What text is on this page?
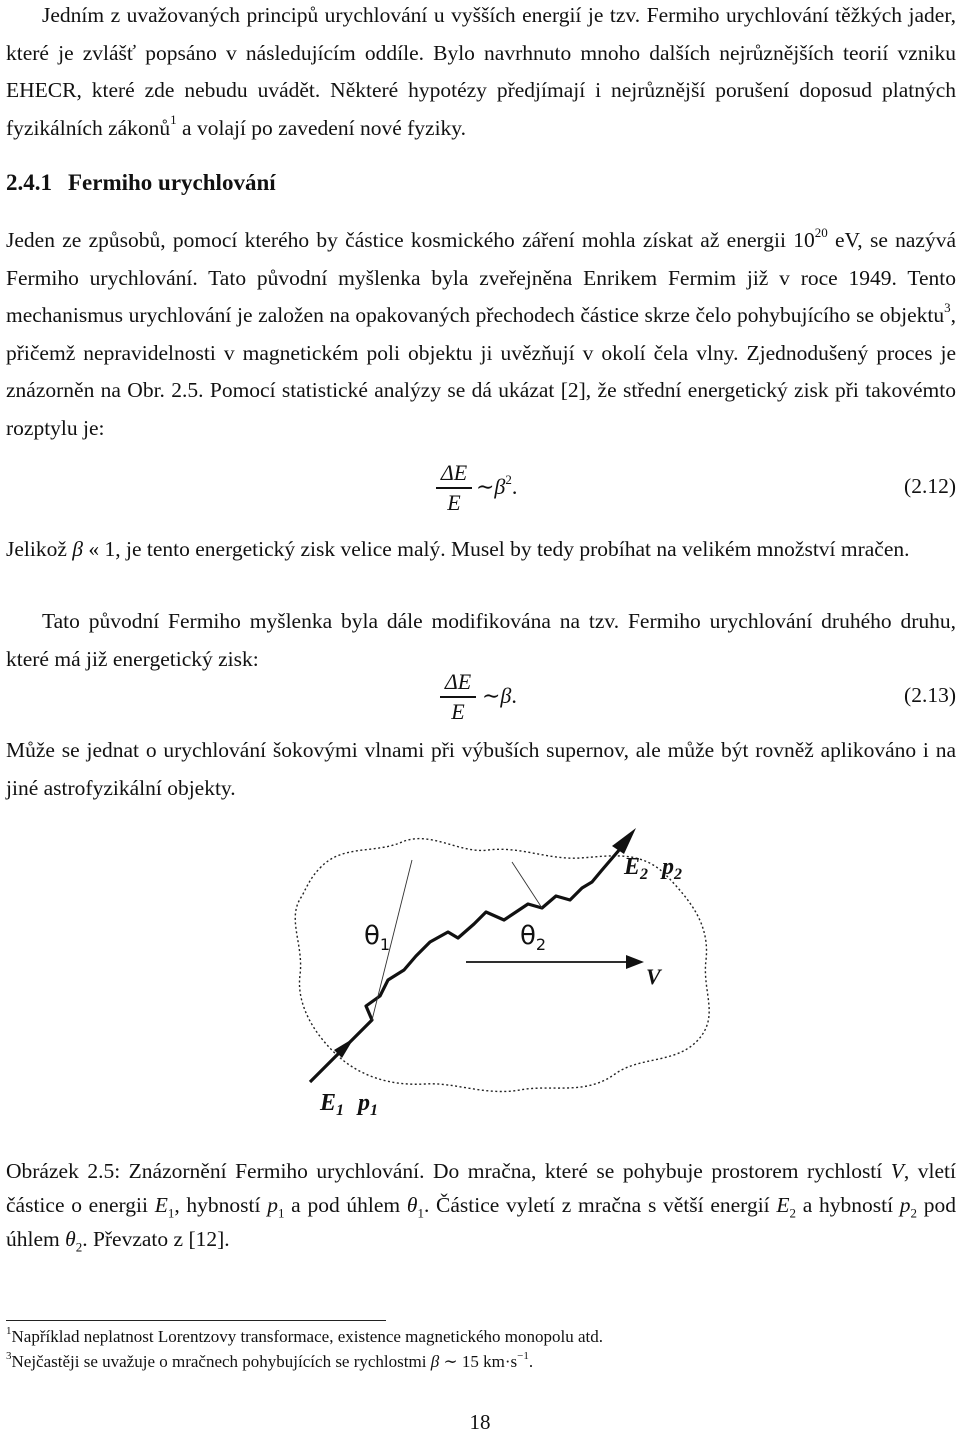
Jedním z uvažovaných principů urychlování u vyšších energií je tzv. Fermiho urychlování těžkých jader, které je zvlášť popsáno v následujícím oddíle. Bylo navrhnuto mnoho dalších nejrůznějších teorií vzniku EHECR, které zde nebudu uvádět. Některé hypotézy předjímají i nejrůznější porušení doposud platných fyzikálních zákonů$^1$ a volají po zavedení nové fyziky.

2.4.1 Fermiho urychlování

Jeden ze způsobů, pomocí kterého by částice kosmického záření mohla získat až energii $10^{20}$ eV, se nazývá Fermiho urychlování. Tato původní myšlenka byla zveřejněna Enrikem Fermim již v roce 1949. Tento mechanismus urychlování je založen na opakovaných přechodech částice skrze čelo pohybujícího se objektu$^3$, přičemž nepravidelnosti v magnetickém poli objektu ji uvězňují v okolí čela vlny. Zjednodušený proces je znázorněn na Obr. 2.5. Pomocí statistické analýzy se dá ukázat [2], že střední energetický zisk při takovémto rozptylu je:

ΔE
E
$\sim\beta^2$.	(2.12)

Jelikož β « 1, je tento energetický zisk velice malý. Musel by tedy probíhat na velikém množství mračen.

Tato původní Fermiho myšlenka byla dále modifikována na tzv. Fermiho urychlování druhého druhu, které má již energetický zisk:

ΔE
E
∼β.	(2.13)

Může se jednat o urychlování šokovými vlnami při výbuších supernov, ale může být rovněž aplikováno i na jiné astrofyzikální objekty.

$\theta_1$	$\theta_2$
V
$E_2$ $p_2$
$E_1$ $p_1$

Obrázek 2.5: Znázornění Fermiho urychlování. Do mračna, které se pohybuje prostorem rychlostí V, vletí částice o energii $E_1$, hybností $p_1$ a pod úhlem $\theta_1$. Částice vyletí z mračna s větší energií $E_2$ a hybností $p_2$ pod úhlem $\theta_2$. Převzato z [12].

$^1$Například neplatnost Lorentzovy transformace, existence magnetického monopolu atd.

$^3$Nejčastěji se uvažuje o mračnech pohybujících se rychlostmi β ∼ 15 $km\cdot s^{-1}$.

18
